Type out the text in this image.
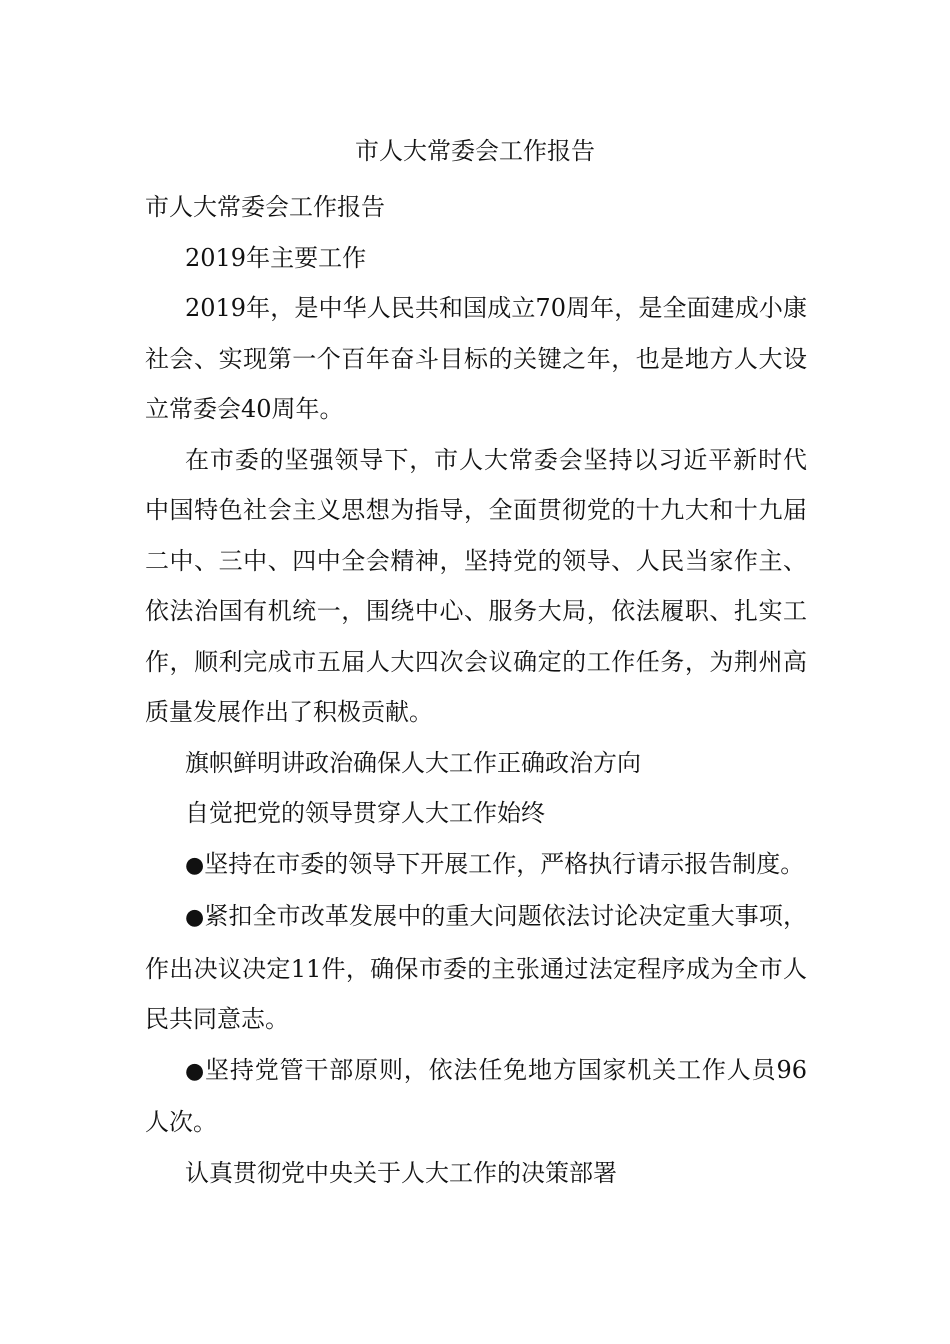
市人大常委会工作报告

市人大常委会工作报告

2019年主要工作

2019年，是中华人民共和国成立70周年，是全面建成小康社会、实现第一个百年奋斗目标的关键之年，也是地方人大设立常委会40周年。

在市委的坚强领导下，市人大常委会坚持以习近平新时代中国特色社会主义思想为指导，全面贯彻党的十九大和十九届二中、三中、四中全会精神，坚持党的领导、人民当家作主、依法治国有机统一，围绕中心、服务大局，依法履职、扎实工作，顺利完成市五届人大四次会议确定的工作任务，为荆州高质量发展作出了积极贡献。

旗帜鲜明讲政治确保人大工作正确政治方向

自觉把党的领导贯穿人大工作始终

●坚持在市委的领导下开展工作，严格执行请示报告制度。

●紧扣全市改革发展中的重大问题依法讨论决定重大事项，作出决议决定11件，确保市委的主张通过法定程序成为全市人民共同意志。

●坚持党管干部原则，依法任免地方国家机关工作人员96人次。

认真贯彻党中央关于人大工作的决策部署
